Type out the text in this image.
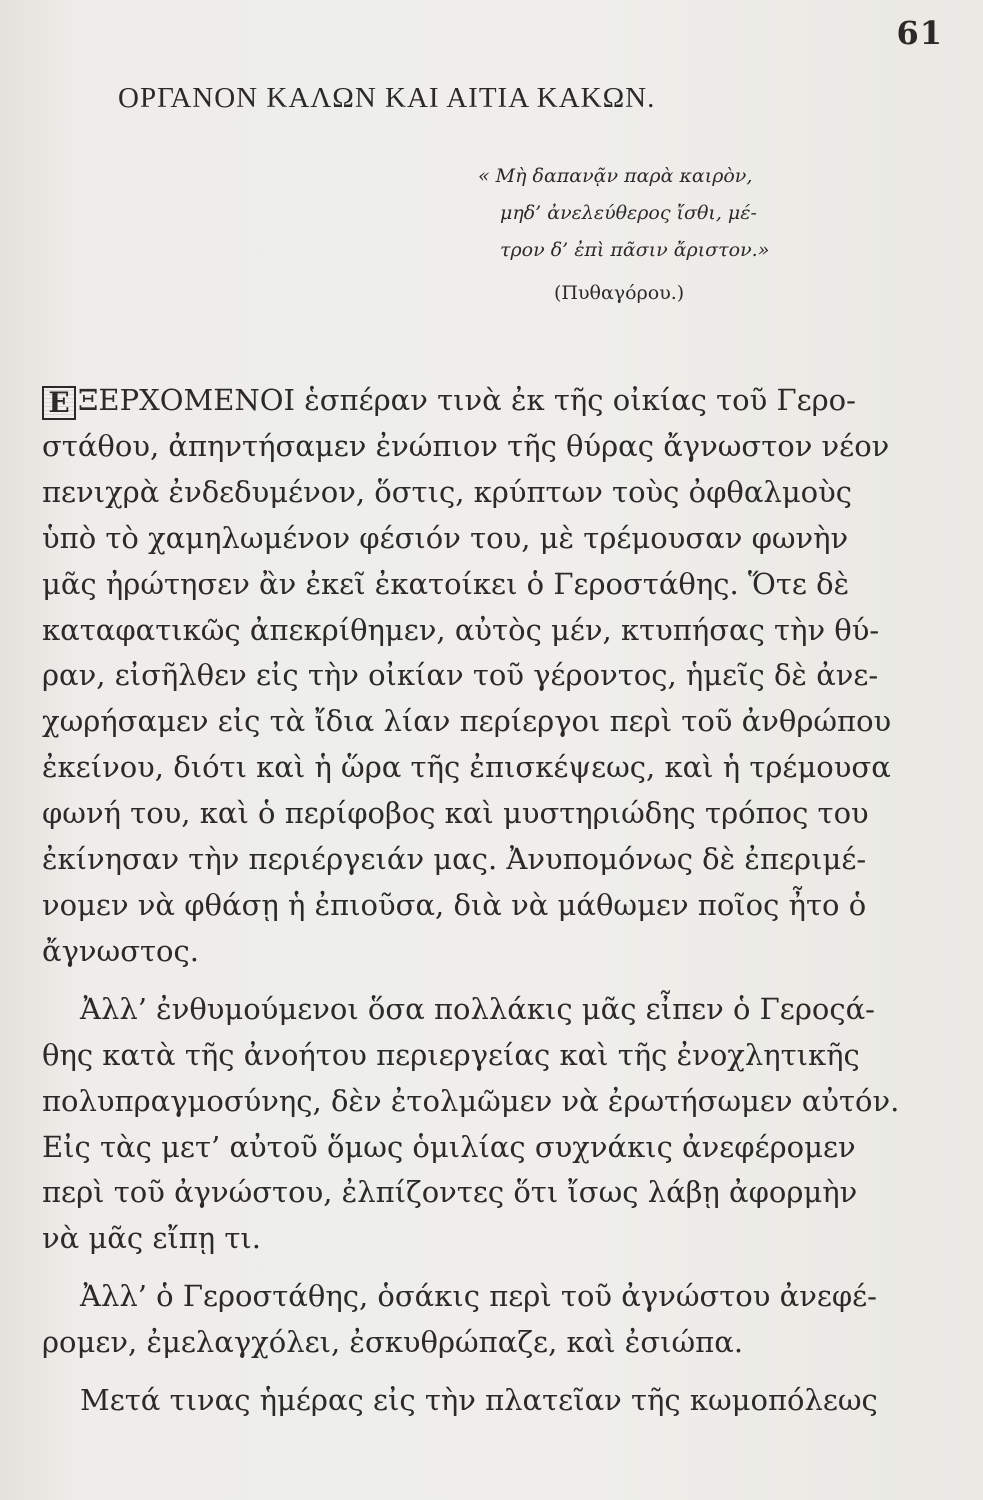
61
ΟΡΓΑΝΟΝ ΚΑΛΩΝ ΚΑΙ ΑΙΤΙΑ ΚΑΚΩΝ.
« Μὴ δαπανᾷν παρὰ καιρὸν,
μηδ’ ἀνελεύθερος ἴσθι, μέ-
τρον δ’ ἐπὶ πᾶσιν ἄριστον.»
(Πυθαγόρου.)

Ε ΞΕΡΧΟΜΕΝΟΙ ἑσπέραν τινὰ ἐκ τῆς οἰκίας τοῦ Γερο-
στάθου, ἀπηντήσαμεν ἐνώπιον τῆς θύρας ἄγνωστον νέον
πενιχρὰ ἐνδεδυμένον, ὅστις, κρύπτων τοὺς ὀφθαλμοὺς
ὑπὸ τὸ χαμηλωμένον φέσιόν του, μὲ τρέμουσαν φωνὴν
μᾶς ἠρώτησεν ἂν ἐκεῖ ἐκατοίκει ὁ Γεροστάθης. Ὅτε δὲ
καταφατικῶς ἀπεκρίθημεν, αὐτὸς μέν, κτυπήσας τὴν θύ-
ραν, εἰσῆλθεν εἰς τὴν οἰκίαν τοῦ γέροντος, ἡμεῖς δὲ ἀνε-
χωρήσαμεν εἰς τὰ ἴδια λίαν περίεργοι περὶ τοῦ ἀνθρώπου
ἐκείνου, διότι καὶ ἡ ὥρα τῆς ἐπισκέψεως, καὶ ἡ τρέμουσα
φωνή του, καὶ ὁ περίφοβος καὶ μυστηριώδης τρόπος του
ἐκίνησαν τὴν περιέργειάν μας. Ἀνυπομόνως δὲ ἐπεριμέ-
νομεν νὰ φθάσῃ ἡ ἐπιοῦσα, διὰ νὰ μάθωμεν ποῖος ἦτο ὁ
ἄγνωστος.

Ἀλλ’ ἐνθυμούμενοι ὅσα πολλάκις μᾶς εἶπεν ὁ Γεροςά-
θης κατὰ τῆς ἀνοήτου περιεργείας καὶ τῆς ἐνοχλητικῆς
πολυπραγμοσύνης, δὲν ἐτολμῶμεν νὰ ἐρωτήσωμεν αὐτόν.
Εἰς τὰς μετ’ αὐτοῦ ὅμως ὁμιλίας συχνάκις ἀνεφέρομεν
περὶ τοῦ ἀγνώστου, ἐλπίζοντες ὅτι ἴσως λάβῃ ἀφορμὴν
νὰ μᾶς εἴπῃ τι.

Ἀλλ’ ὁ Γεροστάθης, ὁσάκις περὶ τοῦ ἀγνώστου ἀνεφέ-
ρομεν, ἐμελαγχόλει, ἐσκυθρώπαζε, καὶ ἐσιώπα.

Μετά τινας ἡμέρας εἰς τὴν πλατεῖαν τῆς κωμοπόλεως
